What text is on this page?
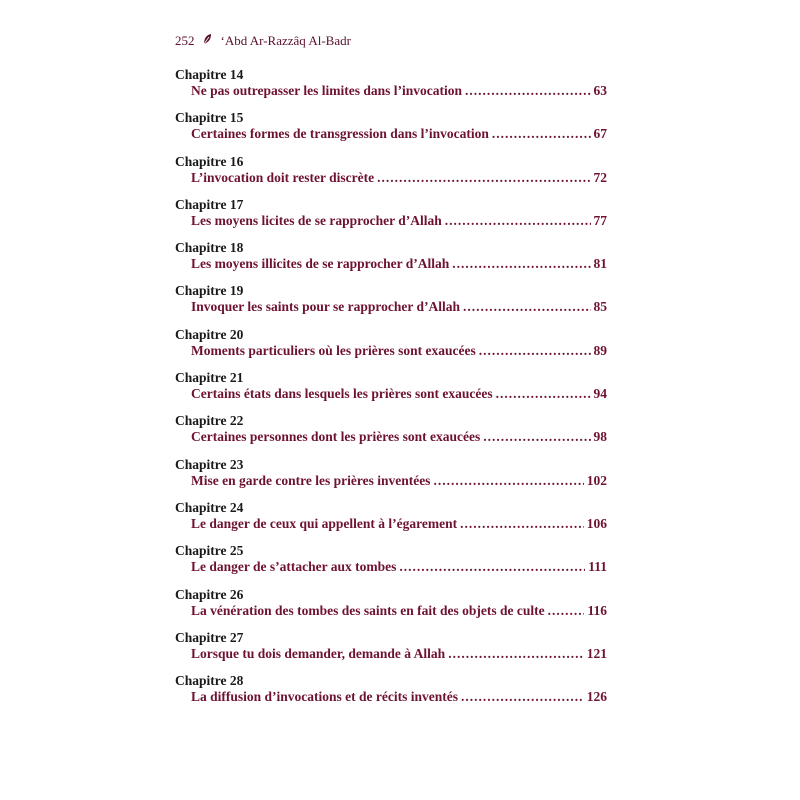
252 ‘Abd Ar-Razzâq Al-Badr
Chapitre 14
Ne pas outrepasser les limites dans l’invocation .....	63
Chapitre 15
Certaines formes de transgression dans l’invocation .....	67
Chapitre 16
L’invocation doit rester discrète .....	72
Chapitre 17
Les moyens licites de se rapprocher d’Allah .....	77
Chapitre 18
Les moyens illicites de se rapprocher d’Allah .....	81
Chapitre 19
Invoquer les saints pour se rapprocher d’Allah .....	85
Chapitre 20
Moments particuliers où les prières sont exaucées .....	89
Chapitre 21
Certains états dans lesquels les prières sont exaucées .....	94
Chapitre 22
Certaines personnes dont les prières sont exaucées .....	98
Chapitre 23
Mise en garde contre les prières inventées .....	102
Chapitre 24
Le danger de ceux qui appellent à l’égarement .....	106
Chapitre 25
Le danger de s’attacher aux tombes .....	111
Chapitre 26
La vénération des tombes des saints en fait des objets de culte .....	116
Chapitre 27
Lorsque tu dois demander, demande à Allah .....	121
Chapitre 28
La diffusion d’invocations et de récits inventés .....	126
